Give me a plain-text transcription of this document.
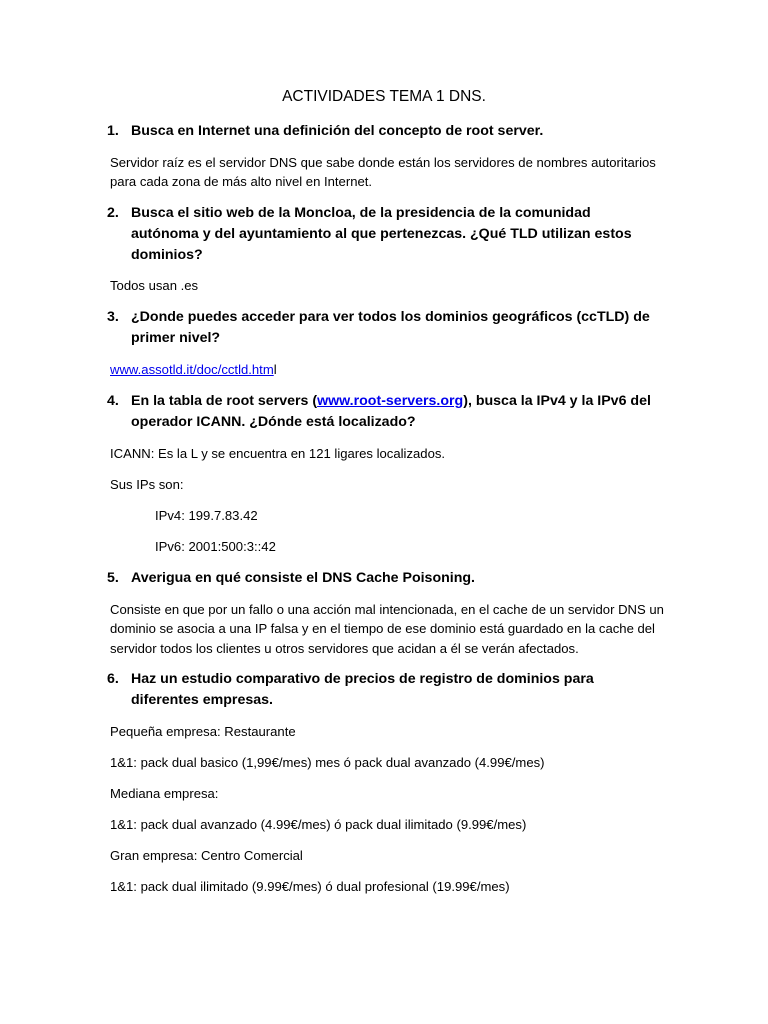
ACTIVIDADES TEMA 1 DNS.
1. Busca en Internet una definición del concepto de root server.
Servidor raíz es el servidor DNS que sabe donde están los servidores de nombres autoritarios para cada zona de más alto nivel en Internet.
2. Busca el sitio web de la Moncloa, de la presidencia de la comunidad autónoma y del ayuntamiento al que pertenezcas. ¿Qué TLD utilizan estos dominios?
Todos usan .es
3. ¿Donde puedes acceder para ver todos los dominios geográficos (ccTLD) de primer nivel?
www.assotld.it/doc/cctld.html
4. En la tabla de root servers (www.root-servers.org), busca la IPv4 y la IPv6 del operador ICANN. ¿Dónde está localizado?
ICANN: Es la L y se encuentra en 121 ligares localizados.
Sus IPs son:
IPv4: 199.7.83.42
IPv6: 2001:500:3::42
5. Averigua en qué consiste el DNS Cache Poisoning.
Consiste en que por un fallo o una acción mal intencionada, en el cache de un servidor DNS un dominio se asocia a una IP falsa y en el tiempo de ese dominio está guardado en la cache del servidor todos los clientes u otros servidores que acidan a él se verán afectados.
6. Haz un estudio comparativo de precios de registro de dominios para diferentes empresas.
Pequeña empresa: Restaurante
1&1: pack dual basico (1,99€/mes) mes ó pack dual avanzado (4.99€/mes)
Mediana empresa:
1&1: pack dual avanzado (4.99€/mes) ó pack dual ilimitado (9.99€/mes)
Gran empresa: Centro Comercial
1&1: pack dual ilimitado (9.99€/mes) ó dual profesional (19.99€/mes)
